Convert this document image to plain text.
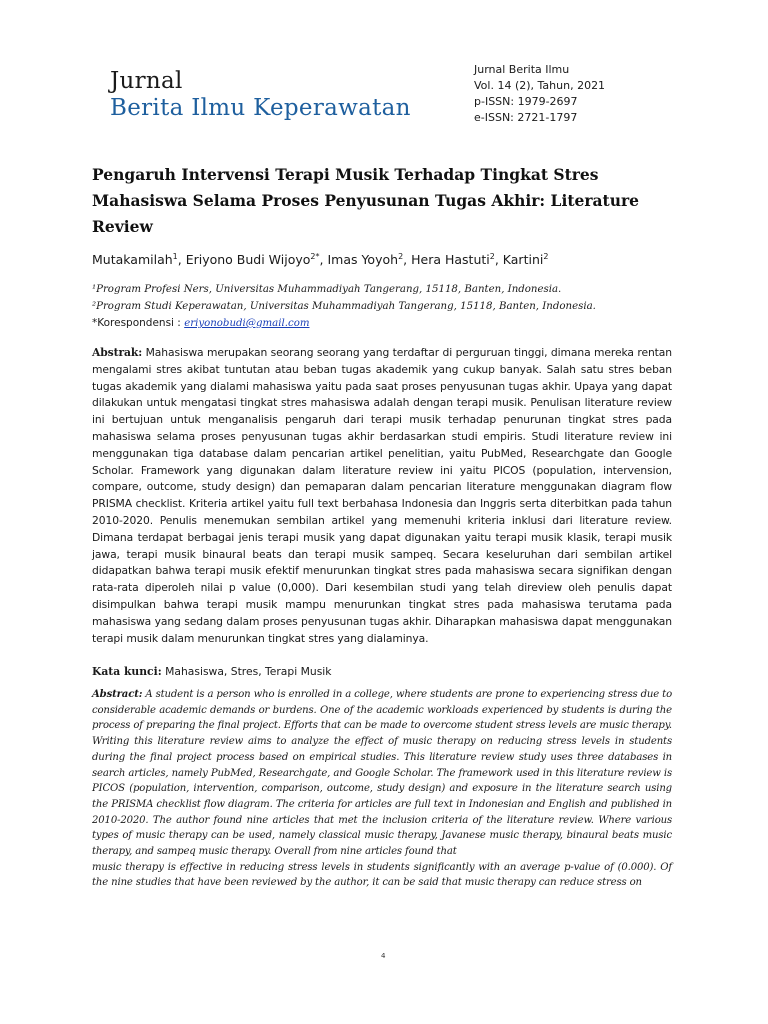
Jurnal
Berita Ilmu Keperawatan
Jurnal Berita Ilmu
Vol. 14 (2), Tahun, 2021
p-ISSN: 1979-2697
e-ISSN: 2721-1797
Pengaruh Intervensi Terapi Musik Terhadap Tingkat Stres Mahasiswa Selama Proses Penyusunan Tugas Akhir: Literature Review
Mutakamilah$^1$, Eriyono Budi Wijoyo$^{2*}$, Imas Yoyoh$^2$, Hera Hastuti$^2$, Kartini$^2$
¹Program Profesi Ners, Universitas Muhammadiyah Tangerang, 15118, Banten, Indonesia.
²Program Studi Keperawatan, Universitas Muhammadiyah Tangerang, 15118, Banten, Indonesia.
*Korespondensi : eriyonobudi@gmail.com
Abstrak: Mahasiswa merupakan seorang seorang yang terdaftar di perguruan tinggi, dimana mereka rentan mengalami stres akibat tuntutan atau beban tugas akademik yang cukup banyak. Salah satu stres beban tugas akademik yang dialami mahasiswa yaitu pada saat proses penyusunan tugas akhir. Upaya yang dapat dilakukan untuk mengatasi tingkat stres mahasiswa adalah dengan terapi musik. Penulisan literature review ini bertujuan untuk menganalisis pengaruh dari terapi musik terhadap penurunan tingkat stres pada mahasiswa selama proses penyusunan tugas akhir berdasarkan studi empiris. Studi literature review ini menggunakan tiga database dalam pencarian artikel penelitian, yaitu PubMed, Researchgate dan Google Scholar. Framework yang digunakan dalam literature review ini yaitu PICOS (population, intervension, compare, outcome, study design) dan pemaparan dalam pencarian literature menggunakan diagram flow PRISMA checklist. Kriteria artikel yaitu full text berbahasa Indonesia dan Inggris serta diterbitkan pada tahun 2010-2020. Penulis menemukan sembilan artikel yang memenuhi kriteria inklusi dari literature review. Dimana terdapat berbagai jenis terapi musik yang dapat digunakan yaitu terapi musik klasik, terapi musik jawa, terapi musik binaural beats dan terapi musik sampeq. Secara keseluruhan dari sembilan artikel didapatkan bahwa terapi musik efektif menurunkan tingkat stres pada mahasiswa secara signifikan dengan rata-rata diperoleh nilai p value (0,000). Dari kesembilan studi yang telah direview oleh penulis dapat disimpulkan bahwa terapi musik mampu menurunkan tingkat stres pada mahasiswa terutama pada mahasiswa yang sedang dalam proses penyusunan tugas akhir. Diharapkan mahasiswa dapat menggunakan terapi musik dalam menurunkan tingkat stres yang dialaminya.
Kata kunci: Mahasiswa, Stres, Terapi Musik
Abstract: A student is a person who is enrolled in a college, where students are prone to experiencing stress due to considerable academic demands or burdens. One of the academic workloads experienced by students is during the process of preparing the final project. Efforts that can be made to overcome student stress levels are music therapy. Writing this literature review aims to analyze the effect of music therapy on reducing stress levels in students during the final project process based on empirical studies. This literature review study uses three databases in search articles, namely PubMed, Researchgate, and Google Scholar. The framework used in this literature review is PICOS (population, intervention, comparison, outcome, study design) and exposure in the literature search using the PRISMA checklist flow diagram. The criteria for articles are full text in Indonesian and English and published in 2010-2020. The author found nine articles that met the inclusion criteria of the literature review. Where various types of music therapy can be used, namely classical music therapy, Javanese music therapy, binaural beats music therapy, and sampeq music therapy. Overall from nine articles found that
music therapy is effective in reducing stress levels in students significantly with an average p-value of (0.000). Of the nine studies that have been reviewed by the author, it can be said that music therapy can reduce stress on
4
